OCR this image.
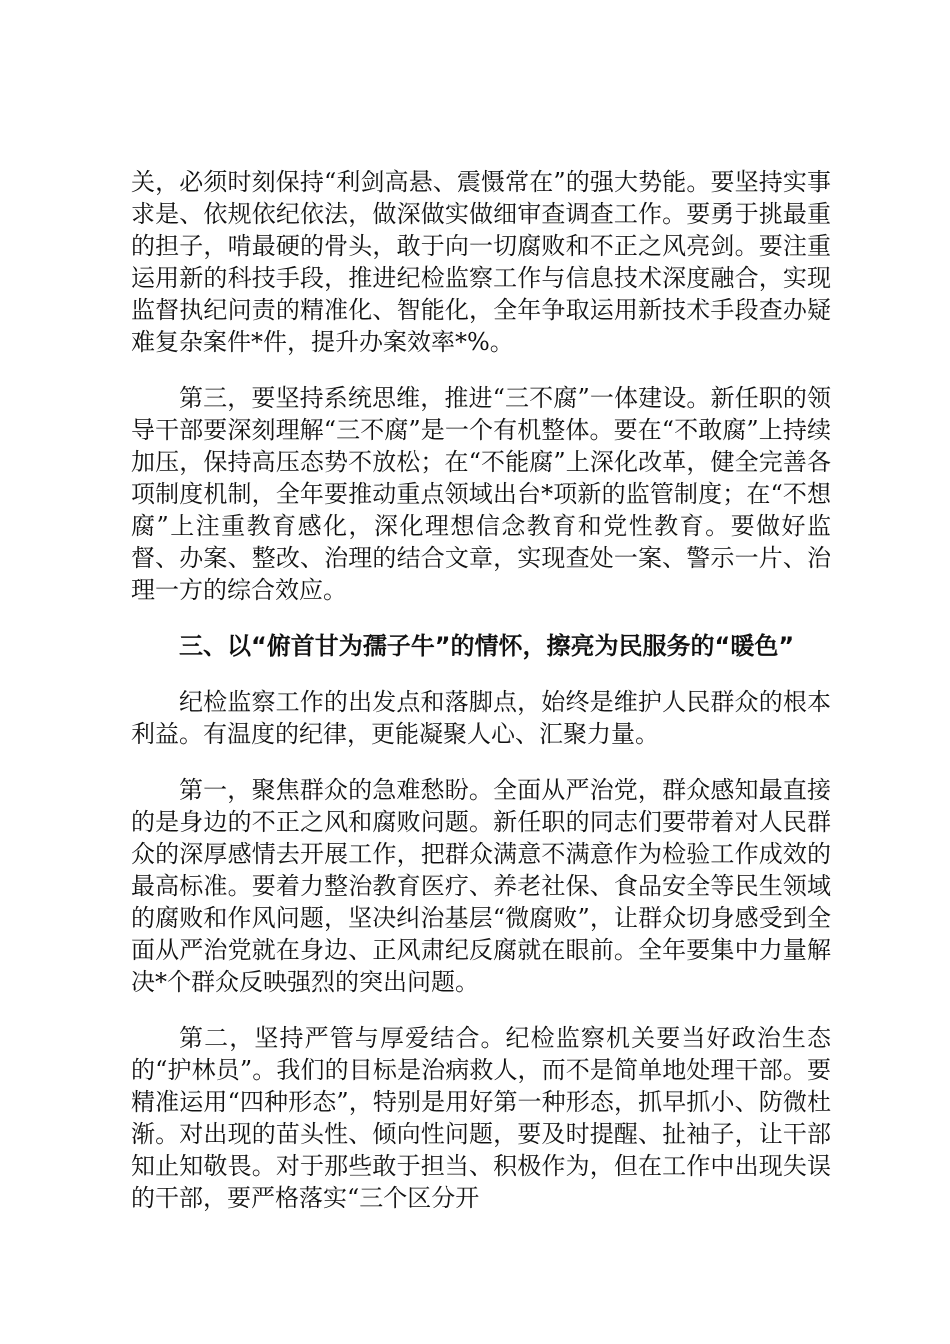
关，必须时刻保持“利剑高悬、震慑常在”的强大势能。要坚持实事求是、依规依纪依法，做深做实做细审查调查工作。要勇于挑最重的担子，啃最硬的骨头，敢于向一切腐败和不正之风亮剑。要注重运用新的科技手段，推进纪检监察工作与信息技术深度融合，实现监督执纪问责的精准化、智能化，全年争取运用新技术手段查办疑难复杂案件*件，提升办案效率*%。

第三，要坚持系统思维，推进“三不腐”一体建设。新任职的领导干部要深刻理解“三不腐”是一个有机整体。要在“不敢腐”上持续加压，保持高压态势不放松；在“不能腐”上深化改革，健全完善各项制度机制，全年要推动重点领域出台*项新的监管制度；在“不想腐”上注重教育感化，深化理想信念教育和党性教育。要做好监督、办案、整改、治理的结合文章，实现查处一案、警示一片、治理一方的综合效应。

三、以“俯首甘为孺子牛”的情怀，擦亮为民服务的“暖色”

纪检监察工作的出发点和落脚点，始终是维护人民群众的根本利益。有温度的纪律，更能凝聚人心、汇聚力量。

第一，聚焦群众的急难愁盼。全面从严治党，群众感知最直接的是身边的不正之风和腐败问题。新任职的同志们要带着对人民群众的深厚感情去开展工作，把群众满意不满意作为检验工作成效的最高标准。要着力整治教育医疗、养老社保、食品安全等民生领域的腐败和作风问题，坚决纠治基层“微腐败”，让群众切身感受到全面从严治党就在身边、正风肃纪反腐就在眼前。全年要集中力量解决*个群众反映强烈的突出问题。

第二，坚持严管与厚爱结合。纪检监察机关要当好政治生态的“护林员”。我们的目标是治病救人，而不是简单地处理干部。要精准运用“四种形态”，特别是用好第一种形态，抓早抓小、防微杜渐。对出现的苗头性、倾向性问题，要及时提醒、扯袖子，让干部知止知敬畏。对于那些敢于担当、积极作为，但在工作中出现失误的干部，要严格落实“三个区分开
